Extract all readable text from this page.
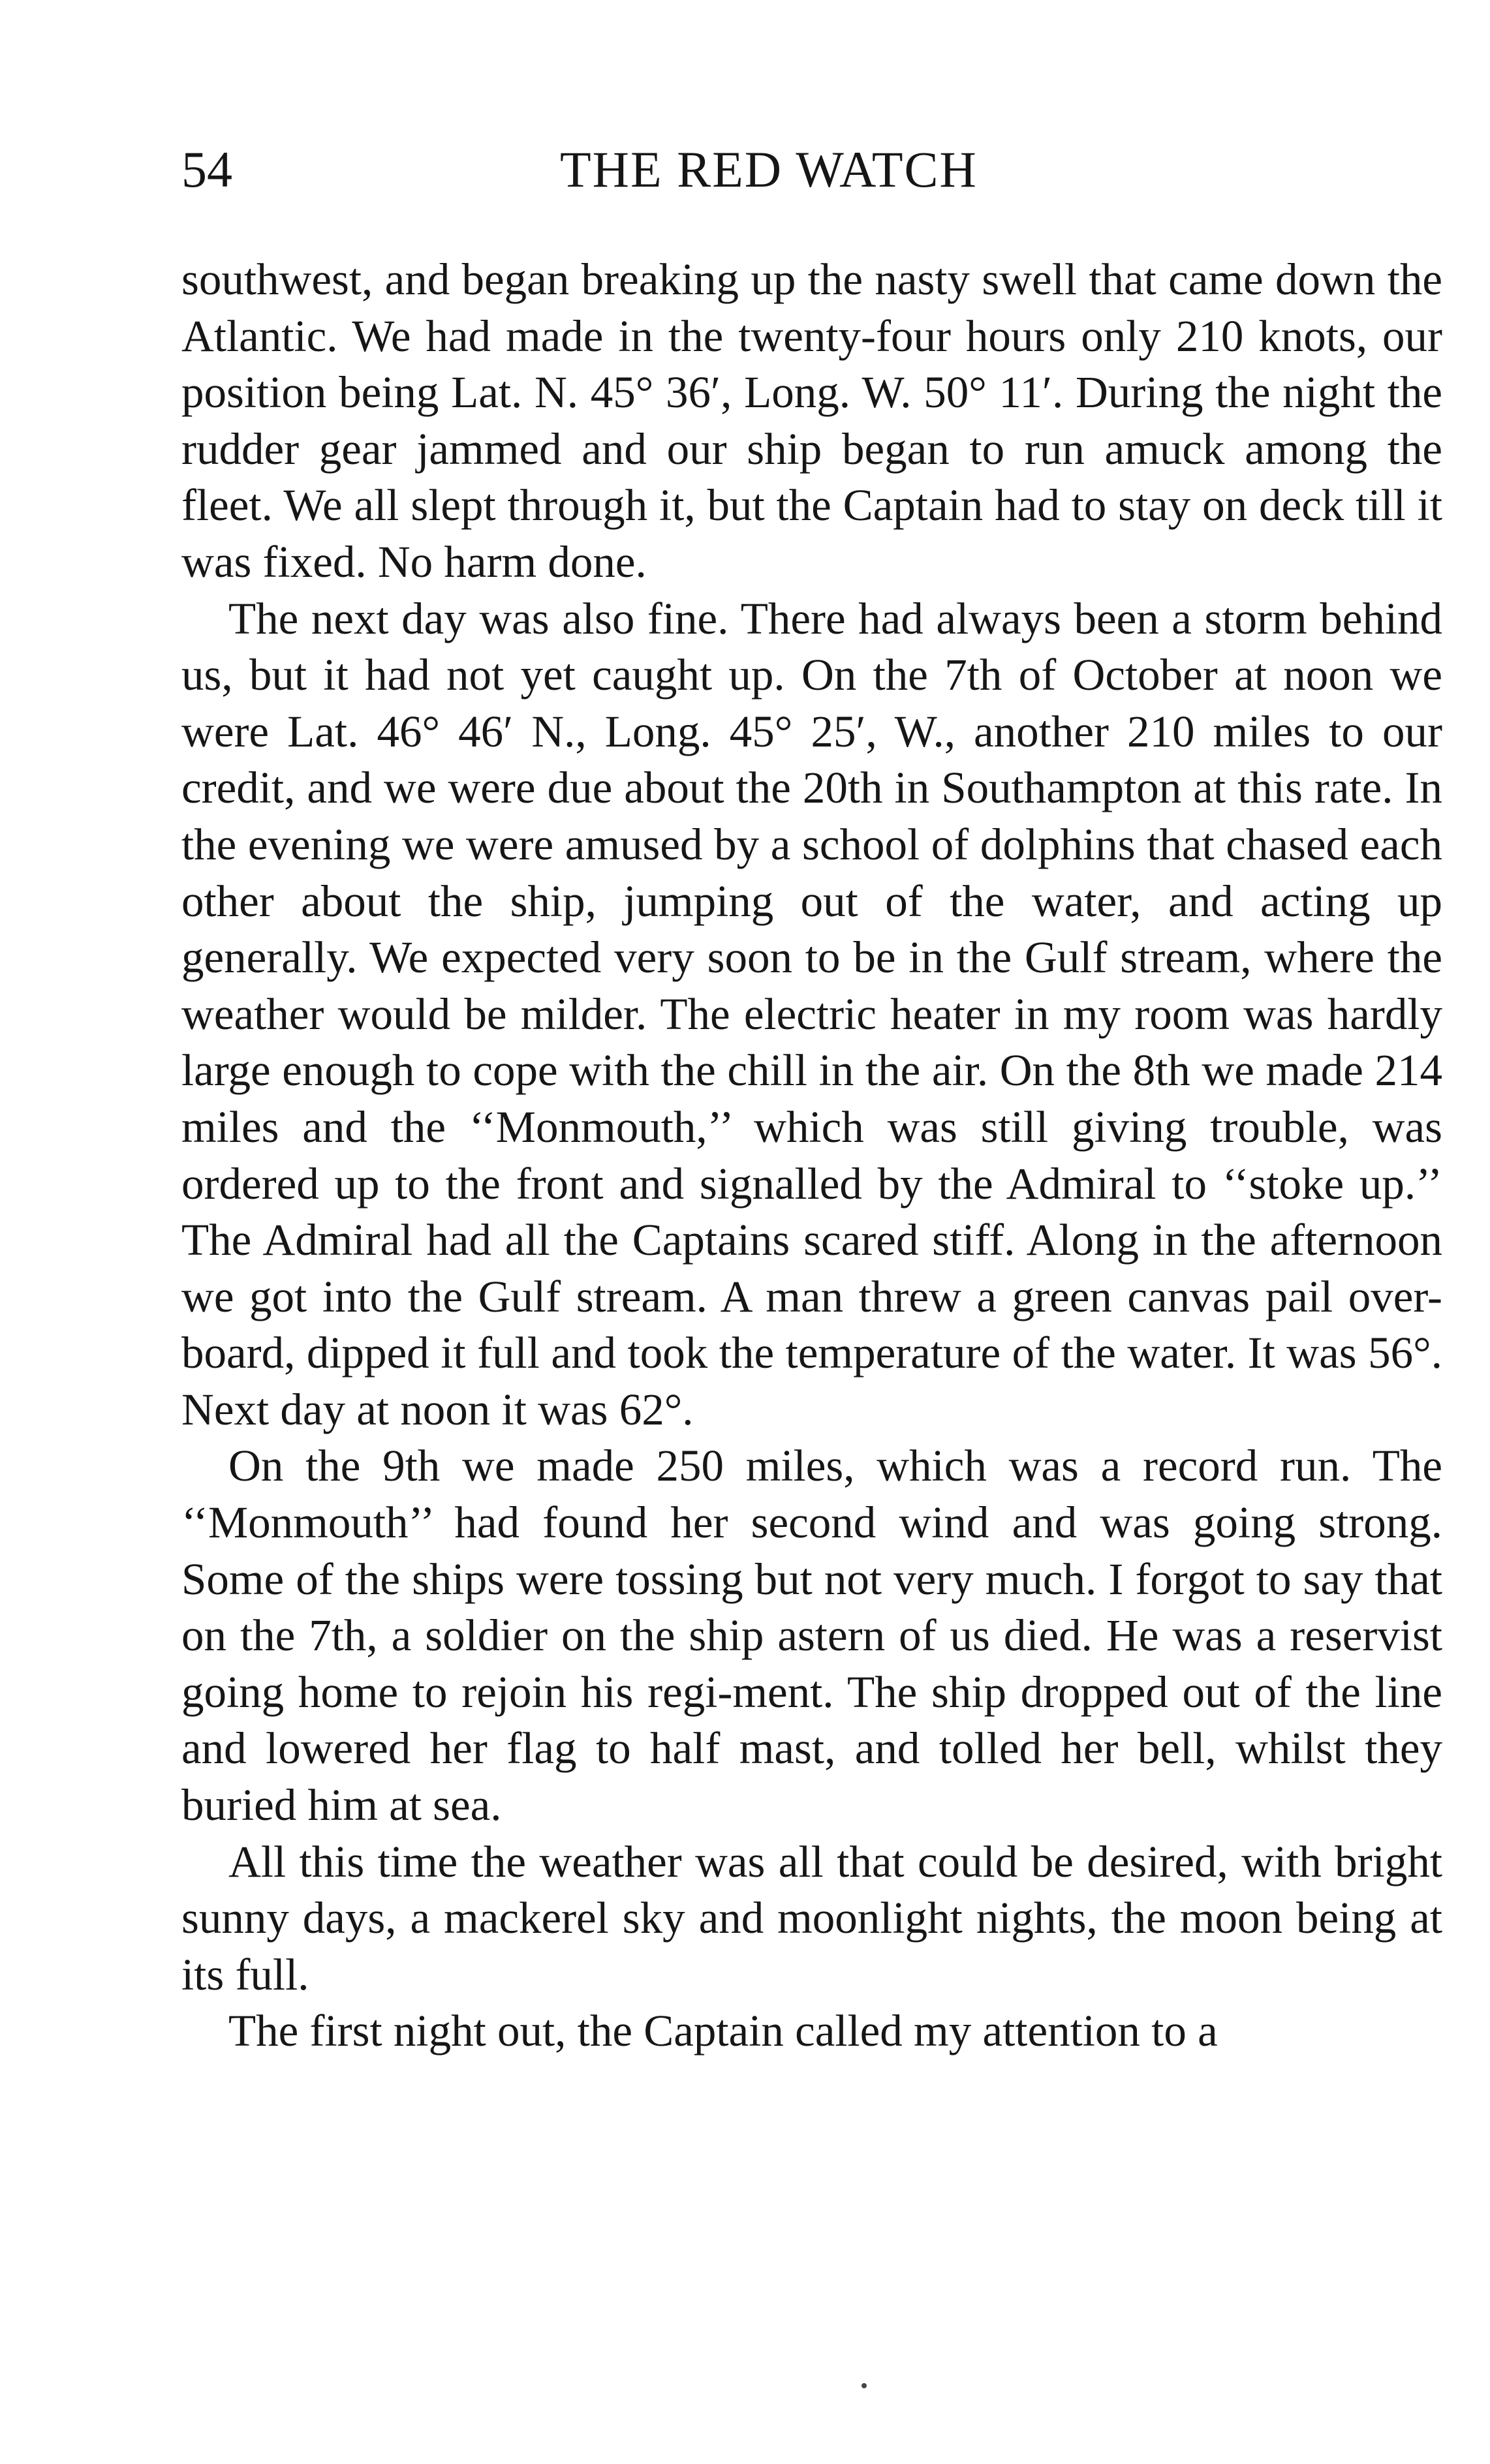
54	THE RED WATCH

southwest, and began breaking up the nasty swell that came down the Atlantic. We had made in the twenty-four hours only 210 knots, our position being Lat. N. 45° 36′, Long. W. 50° 11′. During the night the rudder gear jammed and our ship began to run amuck among the fleet. We all slept through it, but the Captain had to stay on deck till it was fixed. No harm done.

The next day was also fine. There had always been a storm behind us, but it had not yet caught up. On the 7th of October at noon we were Lat. 46° 46′ N., Long. 45° 25′, W., another 210 miles to our credit, and we were due about the 20th in Southampton at this rate. In the evening we were amused by a school of dolphins that chased each other about the ship, jumping out of the water, and acting up generally. We expected very soon to be in the Gulf stream, where the weather would be milder. The electric heater in my room was hardly large enough to cope with the chill in the air. On the 8th we made 214 miles and the ‘‘Monmouth,’’ which was still giving trouble, was ordered up to the front and signalled by the Admiral to ‘‘stoke up.’’ The Admiral had all the Captains scared stiff. Along in the afternoon we got into the Gulf stream. A man threw a green canvas pail over-board, dipped it full and took the temperature of the water. It was 56°. Next day at noon it was 62°.

On the 9th we made 250 miles, which was a record run. The ‘‘Monmouth’’ had found her second wind and was going strong. Some of the ships were tossing but not very much. I forgot to say that on the 7th, a soldier on the ship astern of us died. He was a reservist going home to rejoin his regi-ment. The ship dropped out of the line and lowered her flag to half mast, and tolled her bell, whilst they buried him at sea.

All this time the weather was all that could be desired, with bright sunny days, a mackerel sky and moonlight nights, the moon being at its full.

The first night out, the Captain called my attention to a
